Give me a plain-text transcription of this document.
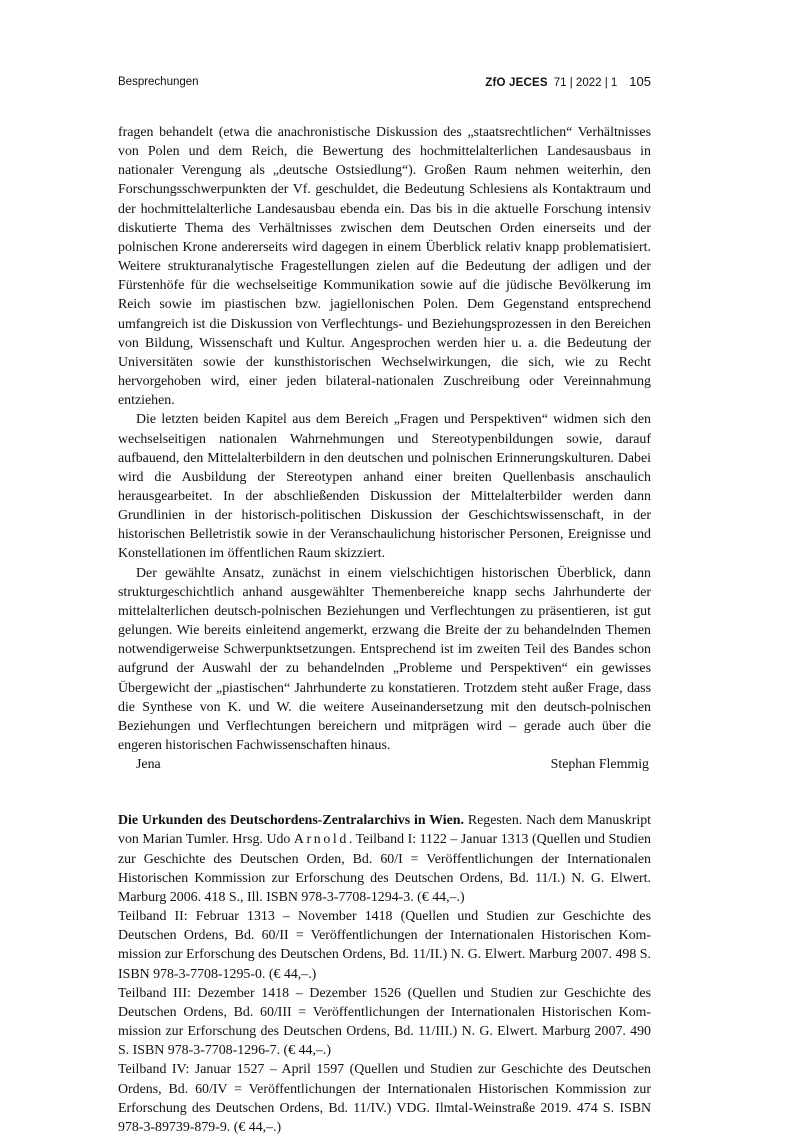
Besprechungen	ZfO JECES 71 | 2022 | 1 105

fragen behandelt (etwa die anachronistische Diskussion des „staatsrechtlichen“ Verhältnisses von Polen und dem Reich, die Bewertung des hochmittelalterlichen Landesausbaus in nationaler Verengung als „deutsche Ostsiedlung“). Großen Raum nehmen weiterhin, den Forschungsschwerpunkten der Vf. geschuldet, die Bedeutung Schlesiens als Kontaktraum und der hochmittelalterliche Landesausbau ebenda ein. Das bis in die aktuelle Forschung intensiv diskutierte Thema des Verhältnisses zwischen dem Deutschen Orden einerseits und der polnischen Krone andererseits wird dagegen in einem Überblick relativ knapp problematisiert. Weitere strukturanalytische Fragestellungen zielen auf die Bedeutung der adligen und der Fürstenhöfe für die wechselseitige Kommunikation sowie auf die jüdische Bevölkerung im Reich sowie im piastischen bzw. jagiellonischen Polen. Dem Gegenstand entsprechend umfangreich ist die Diskussion von Verflechtungs- und Beziehungsprozessen in den Bereichen von Bildung, Wissenschaft und Kultur. Angesprochen werden hier u. a. die Bedeutung der Universitäten sowie der kunsthistorischen Wechselwirkungen, die sich, wie zu Recht hervorgehoben wird, einer jeden bilateral-nationalen Zuschreibung oder Vereinnahmung entziehen.

Die letzten beiden Kapitel aus dem Bereich „Fragen und Perspektiven“ widmen sich den wechselseitigen nationalen Wahrnehmungen und Stereotypenbildungen sowie, darauf aufbauend, den Mittelalterbildern in den deutschen und polnischen Erinnerungskulturen. Dabei wird die Ausbildung der Stereotypen anhand einer breiten Quellenbasis anschaulich herausgearbeitet. In der abschließenden Diskussion der Mittelalterbilder werden dann Grundlinien in der historisch-politischen Diskussion der Geschichtswissenschaft, in der historischen Belletristik sowie in der Veranschaulichung historischer Personen, Ereignisse und Konstellationen im öffentlichen Raum skizziert.

Der gewählte Ansatz, zunächst in einem vielschichtigen historischen Überblick, dann strukturgeschichtlich anhand ausgewählter Themenbereiche knapp sechs Jahrhunderte der mittelalterlichen deutsch-polnischen Beziehungen und Verflechtungen zu präsentieren, ist gut gelungen. Wie bereits einleitend angemerkt, erzwang die Breite der zu behandelnden Themen notwendigerweise Schwerpunktsetzungen. Entsprechend ist im zweiten Teil des Bandes schon aufgrund der Auswahl der zu behandelnden „Probleme und Perspektiven“ ein gewisses Übergewicht der „piastischen“ Jahrhunderte zu konstatieren. Trotzdem steht außer Frage, dass die Synthese von K. und W. die weitere Auseinandersetzung mit den deutsch-polnischen Beziehungen und Verflechtungen bereichern und mitprägen wird – gerade auch über die engeren historischen Fachwissenschaften hinaus.

Jena	Stephan Flemmig

Die Urkunden des Deutschordens-Zentralarchivs in Wien. Regesten. Nach dem Manuskript von Marian Tumler. Hrsg. Udo Arnold. Teilband I: 1122 – Januar 1313 (Quellen und Studien zur Geschichte des Deutschen Orden, Bd. 60/I = Veröffentlichungen der Internationalen Historischen Kommission zur Erforschung des Deutschen Ordens, Bd. 11/I.) N. G. Elwert. Marburg 2006. 418 S., Ill. ISBN 978-3-7708-1294-3. (€ 44,–.)

Teilband II: Februar 1313 – November 1418 (Quellen und Studien zur Geschichte des Deutschen Ordens, Bd. 60/II = Veröffentlichungen der Internationalen Historischen Kommission zur Erforschung des Deutschen Ordens, Bd. 11/II.) N. G. Elwert. Marburg 2007. 498 S. ISBN 978-3-7708-1295-0. (€ 44,–.)

Teilband III: Dezember 1418 – Dezember 1526 (Quellen und Studien zur Geschichte des Deutschen Ordens, Bd. 60/III = Veröffentlichungen der Internationalen Historischen Kommission zur Erforschung des Deutschen Ordens, Bd. 11/III.) N. G. Elwert. Marburg 2007. 490 S. ISBN 978-3-7708-1296-7. (€ 44,–.)

Teilband IV: Januar 1527 – April 1597 (Quellen und Studien zur Geschichte des Deutschen Ordens, Bd. 60/IV = Veröffentlichungen der Internationalen Historischen Kommission zur Erforschung des Deutschen Ordens, Bd. 11/IV.) VDG. Ilmtal-Weinstraße 2019. 474 S. ISBN 978-3-89739-879-9. (€ 44,–.)
